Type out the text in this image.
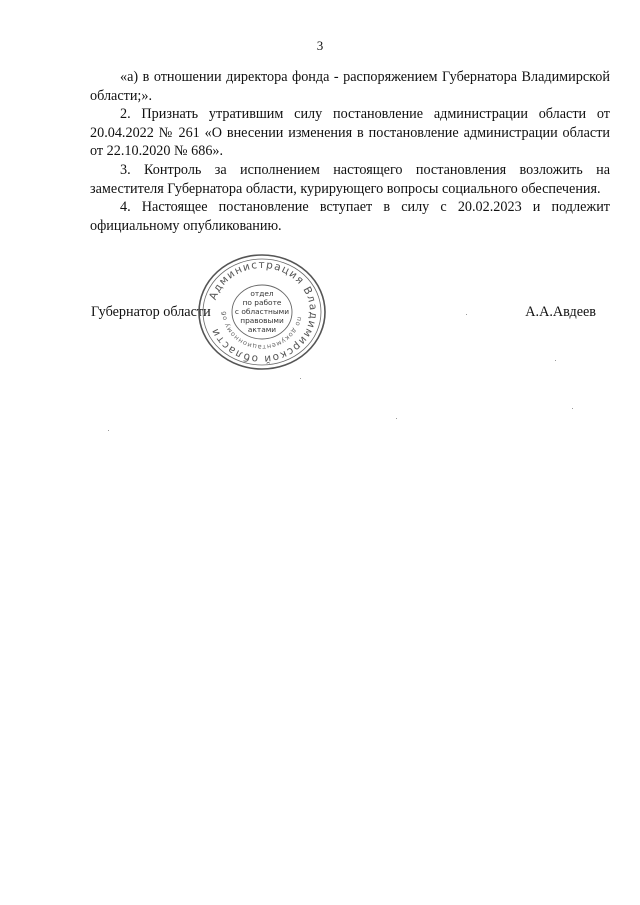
3

«а) в отношении директора фонда - распоряжением Губернатора Владимирской области;».

2. Признать утратившим силу постановление администрации области от 20.04.2022 № 261 «О внесении изменения в постановление администрации области от 22.10.2020 № 686».

3. Контроль за исполнением настоящего постановления возложить на заместителя Губернатора области, курирующего вопросы социального обеспечения.

4. Настоящее постановление вступает в силу с 20.02.2023 и подлежит официальному опубликованию.

Губернатор области	А.А.Авдеев
Администрация Владимирской области
по документационному об
отдел
по работе
с областными
правовыми
актами
